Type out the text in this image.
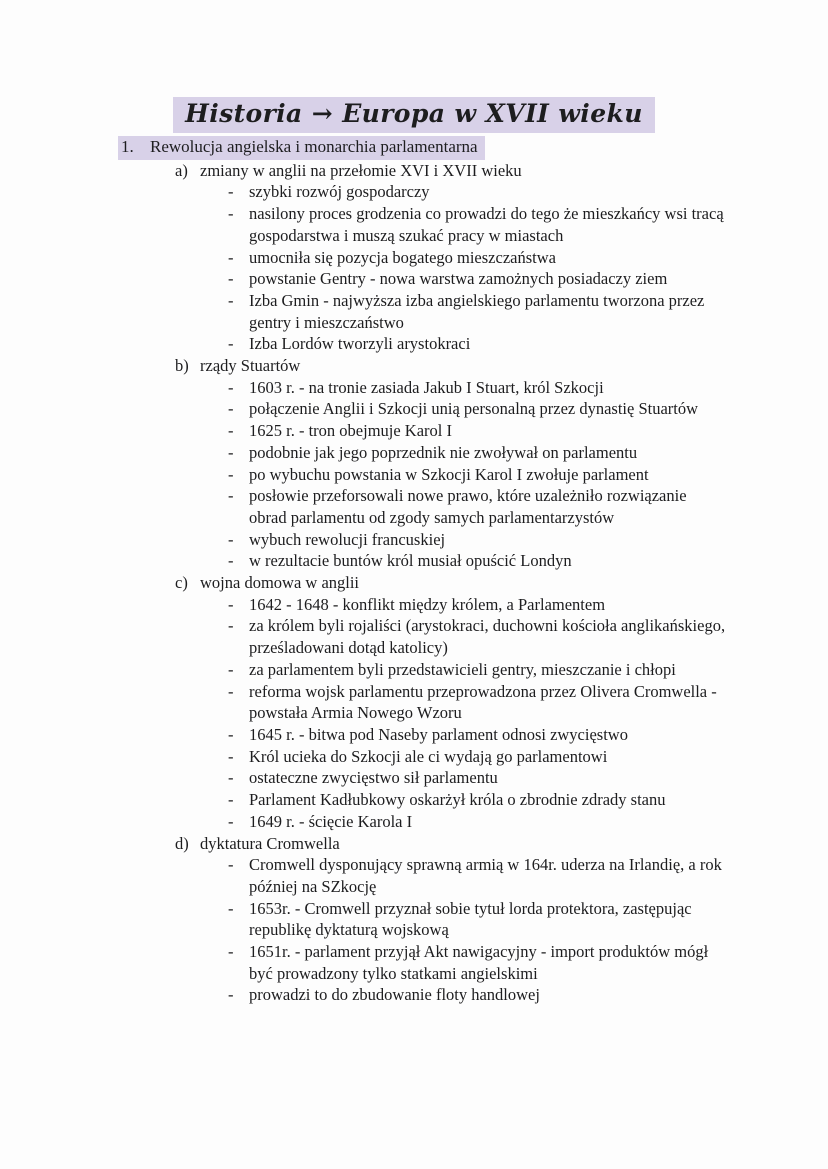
Historia → Europa w XVII wieku
1. Rewolucja angielska i monarchia parlamentarna
a) zmiany w anglii na przełomie XVI i XVII wieku
- szybki rozwój gospodarczy
- nasilony proces grodzenia co prowadzi do tego że mieszkańcy wsi tracą gospodarstwa i muszą szukać pracy w miastach
- umocniła się pozycja bogatego mieszczaństwa
- powstanie Gentry - nowa warstwa zamożnych posiadaczy ziem
- Izba Gmin - najwyższa izba angielskiego parlamentu tworzona przez gentry i mieszczaństwo
- Izba Lordów tworzyli arystokraci
b) rządy Stuartów
- 1603 r. - na tronie zasiada Jakub I Stuart, król Szkocji
- połączenie Anglii i Szkocji unią personalną przez dynastię Stuartów
- 1625 r. - tron obejmuje Karol I
- podobnie jak jego poprzednik nie zwoływał on parlamentu
- po wybuchu powstania w Szkocji Karol I zwołuje parlament
- posłowie przeforsowali nowe prawo, które uzależniło rozwiązanie obrad parlamentu od zgody samych parlamentarzystów
- wybuch rewolucji francuskiej
- w rezultacie buntów król musiał opuścić Londyn
c) wojna domowa w anglii
- 1642 - 1648 - konflikt między królem, a Parlamentem
- za królem byli rojaliści (arystokraci, duchowni kościoła anglikańskiego, prześladowani dotąd katolicy)
- za parlamentem byli przedstawicieli gentry, mieszczanie i chłopi
- reforma wojsk parlamentu przeprowadzona przez Olivera Cromwella - powstała Armia Nowego Wzoru
- 1645 r. - bitwa pod Naseby parlament odnosi zwycięstwo
- Król ucieka do Szkocji ale ci wydają go parlamentowi
- ostateczne zwycięstwo sił parlamentu
- Parlament Kadłubkowy oskarżył króla o zbrodnie zdrady stanu
- 1649 r. - ścięcie Karola I
d) dyktatura Cromwella
- Cromwell dysponujący sprawną armią w 164r. uderza na Irlandię, a rok później na SZkocję
- 1653r. - Cromwell przyznał sobie tytuł lorda protektora, zastępując republikę dyktaturą wojskową
- 1651r. - parlament przyjął Akt nawigacyjny - import produktów mógł być prowadzony tylko statkami angielskimi
- prowadzi to do zbudowanie floty handlowej
